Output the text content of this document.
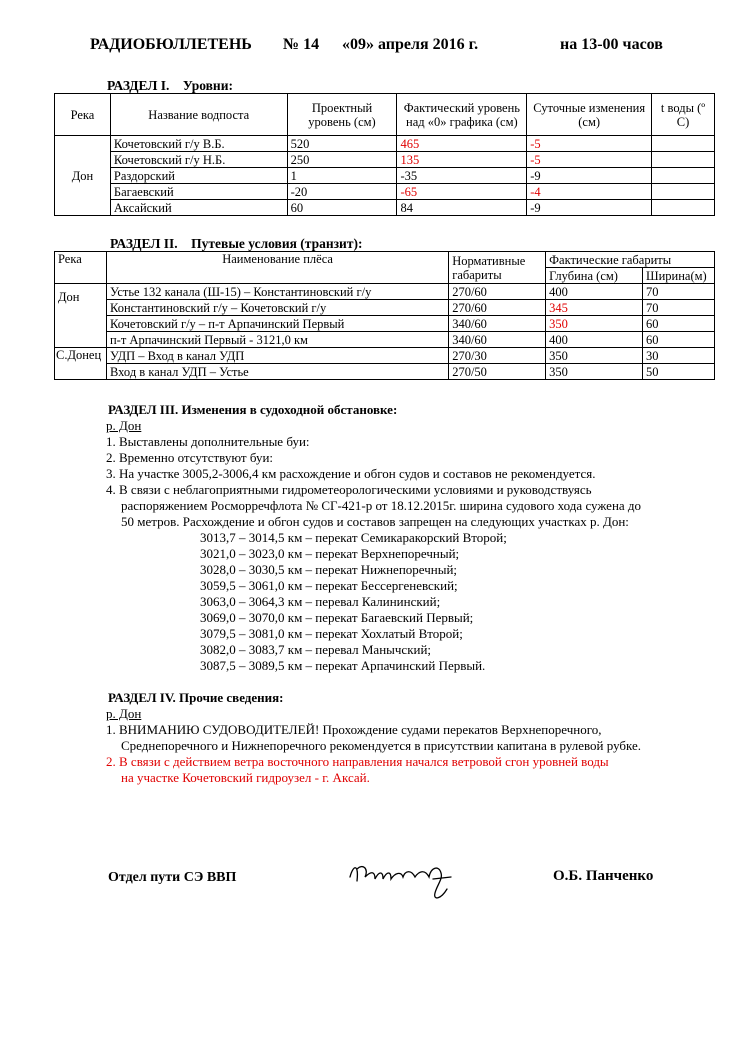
РАДИОБЮЛЛЕТЕНЬ № 14 «09» апреля 2016 г.	на 13-00 часов
РАЗДЕЛ I. Уровни:
Река	Название водпоста	Проектный уровень (см)	Фактический уровень над «0» графика (см)	Суточные изменения (см)	t воды (º С)
Дон	Кочетовский г/у В.Б.	520	465	-5	
	Кочетовский г/у Н.Б.	250	135	-5	
	Раздорский	1	-35	-9	
	Багаевский	-20	-65	-4	
	Аксайский	60	84	-9	
РАЗДЕЛ II. Путевые условия (транзит):
Река	Наименование плёса	Нормативные габариты	Фактические габариты	
			Глубина (см)	Ширина(м)
Дон	Устье 132 канала (Ш-15) – Константиновский г/у	270/60	400	70
	Константиновский г/у – Кочетовский г/у	270/60	345	70
	Кочетовский г/у – п-т Арпачинский Первый	340/60	350	60
	п-т Арпачинский Первый - 3121,0 км	340/60	400	60
С.Донец	УДП – Вход в канал УДП	270/30	350	30
	Вход в канал УДП – Устье	270/50	350	50
РАЗДЕЛ III. Изменения в судоходной обстановке:
р. Дон
1. Выставлены дополнительные буи:
2. Временно отсутствуют буи:
3. На участке 3005,2-3006,4 км расхождение и обгон судов и составов не рекомендуется.
4. В связи с неблагоприятными гидрометеорологическими условиями и руководствуясь
распоряжением Росморречфлота № СГ-421-р от 18.12.2015г. ширина судового хода сужена до
50 метров. Расхождение и обгон судов и составов запрещен на следующих участках р. Дон:
3013,7 – 3014,5 км – перекат Семикаракорский Второй;
3021,0 – 3023,0 км – перекат Верхнепоречный;
3028,0 – 3030,5 км – перекат Нижнепоречный;
3059,5 – 3061,0 км – перекат Бессергеневский;
3063,0 – 3064,3 км – перевал Калининский;
3069,0 – 3070,0 км – перекат Багаевский Первый;
3079,5 – 3081,0 км – перекат Хохлатый Второй;
3082,0 – 3083,7 км – перевал Манычский;
3087,5 – 3089,5 км – перекат Арпачинский Первый.
РАЗДЕЛ IV. Прочие сведения:
р. Дон
1. ВНИМАНИЮ СУДОВОДИТЕЛЕЙ! Прохождение судами перекатов Верхнепоречного,
Среднепоречного и Нижнепоречного рекомендуется в присутствии капитана в рулевой рубке.
2. В связи с действием ветра восточного направления начался ветровой сгон уровней воды
на участке Кочетовский гидроузел - г. Аксай.
Отдел пути СЭ ВВП	О.Б. Панченко
